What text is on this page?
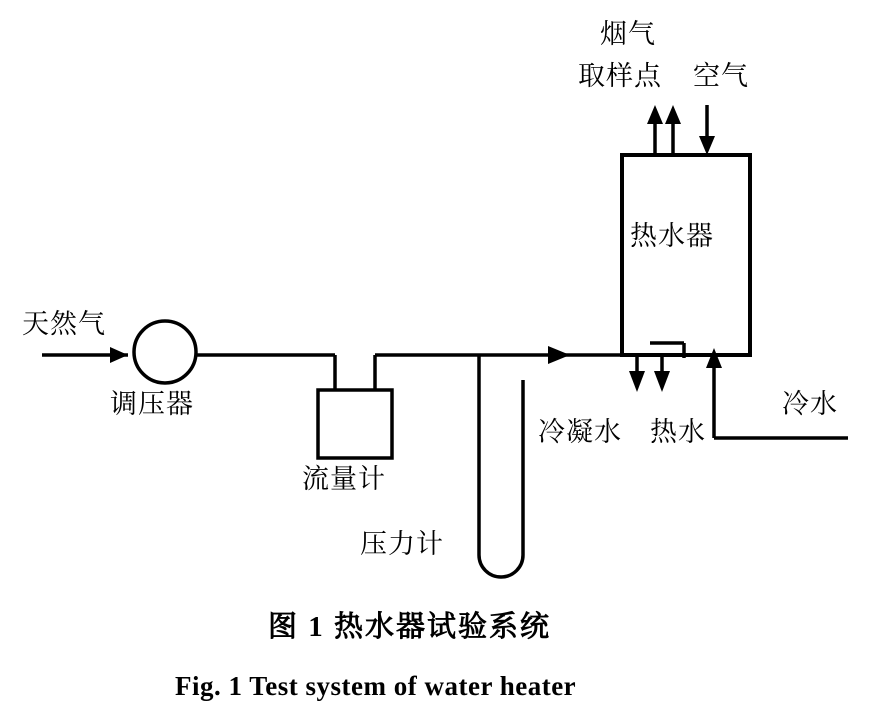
天然气
调压器
流量计
压力计
烟气
取样点 空气
热水器
冷凝水 热水
冷水
图 1 热水器试验系统
Fig. 1 Test system of water heater
